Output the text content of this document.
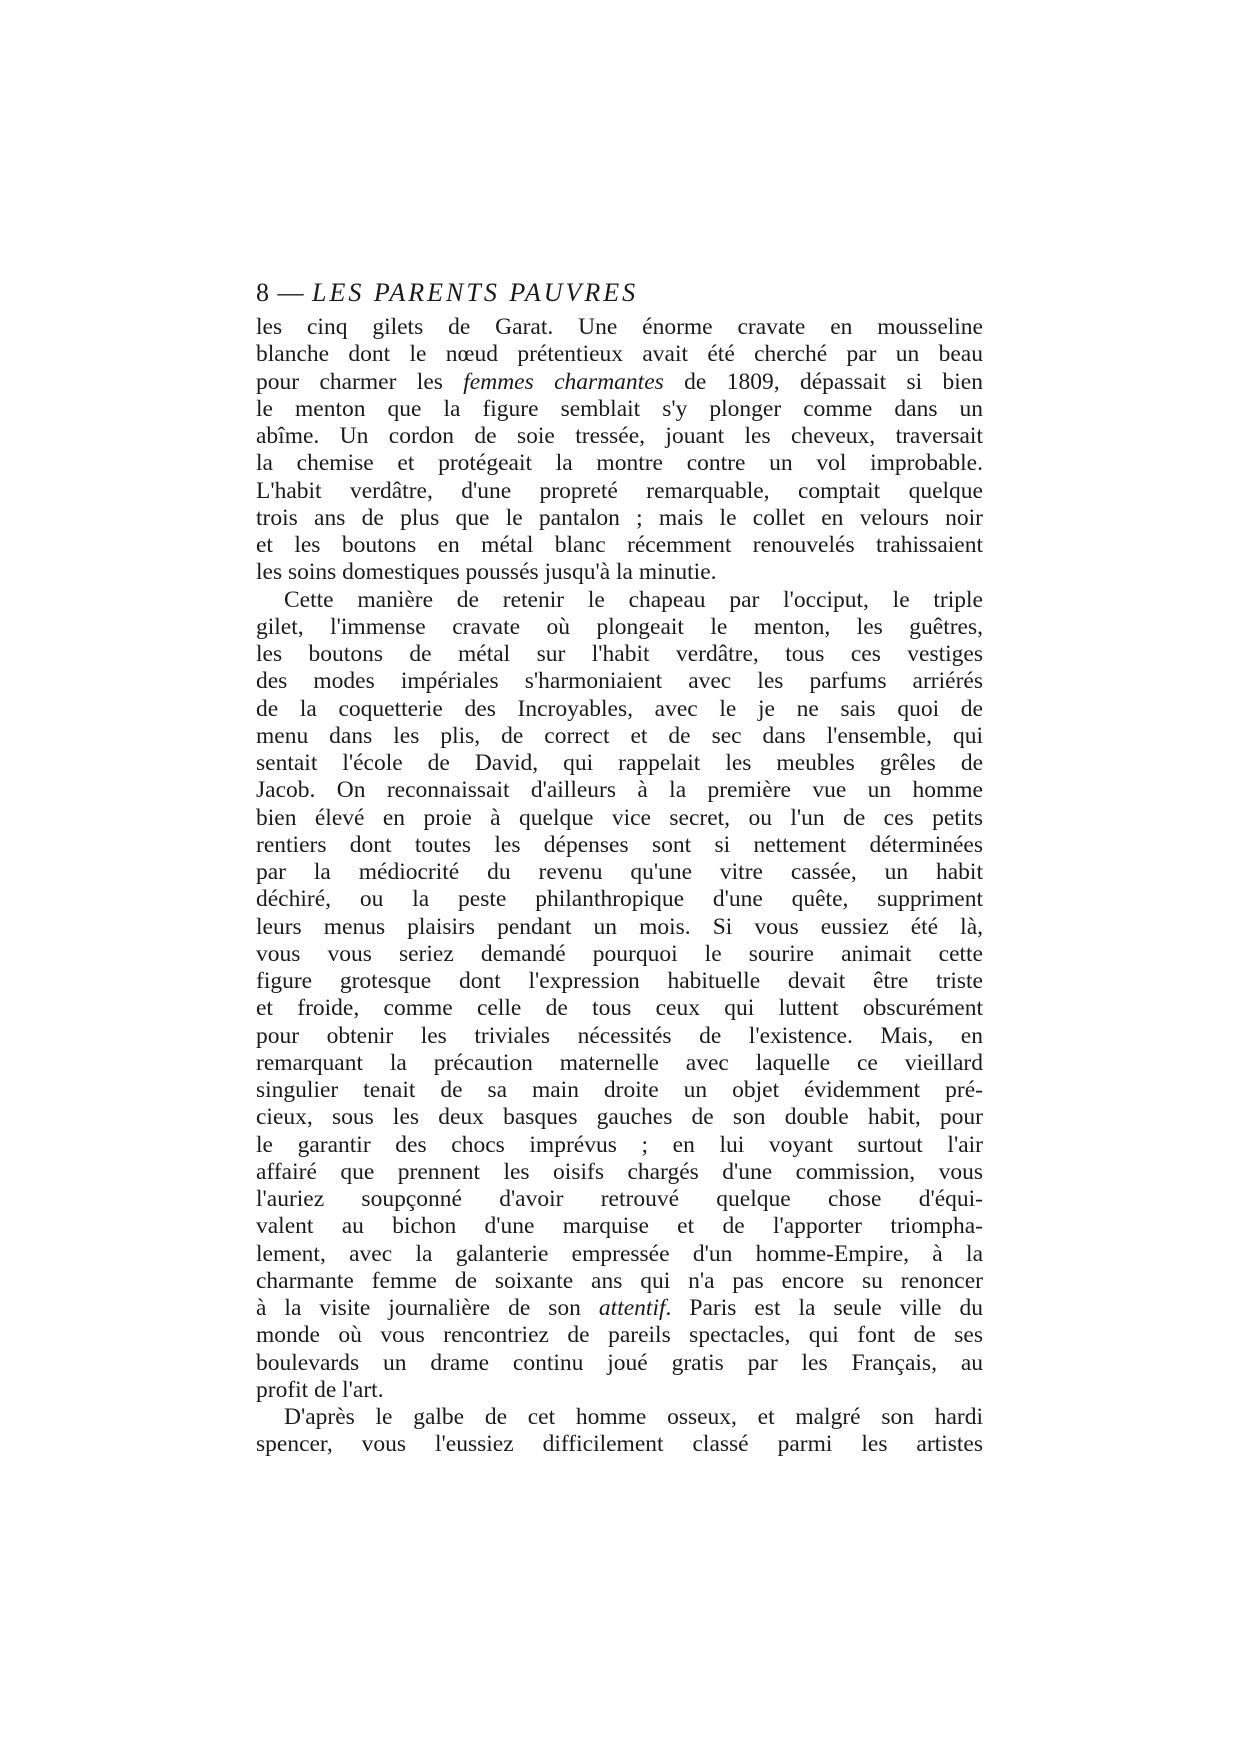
8 — LES PARENTS PAUVRES
les cinq gilets de Garat. Une énorme cravate en mousseline
blanche dont le nœud prétentieux avait été cherché par un beau
pour charmer les femmes charmantes de 1809, dépassait si bien
le menton que la figure semblait s'y plonger comme dans un
abîme. Un cordon de soie tressée, jouant les cheveux, traversait
la chemise et protégeait la montre contre un vol improbable.
L'habit verdâtre, d'une propreté remarquable, comptait quelque
trois ans de plus que le pantalon ; mais le collet en velours noir
et les boutons en métal blanc récemment renouvelés trahissaient
les soins domestiques poussés jusqu'à la minutie.
Cette manière de retenir le chapeau par l'occiput, le triple
gilet, l'immense cravate où plongeait le menton, les guêtres,
les boutons de métal sur l'habit verdâtre, tous ces vestiges
des modes impériales s'harmoniaient avec les parfums arriérés
de la coquetterie des Incroyables, avec le je ne sais quoi de
menu dans les plis, de correct et de sec dans l'ensemble, qui
sentait l'école de David, qui rappelait les meubles grêles de
Jacob. On reconnaissait d'ailleurs à la première vue un homme
bien élevé en proie à quelque vice secret, ou l'un de ces petits
rentiers dont toutes les dépenses sont si nettement déterminées
par la médiocrité du revenu qu'une vitre cassée, un habit
déchiré, ou la peste philanthropique d'une quête, suppriment
leurs menus plaisirs pendant un mois. Si vous eussiez été là,
vous vous seriez demandé pourquoi le sourire animait cette
figure grotesque dont l'expression habituelle devait être triste
et froide, comme celle de tous ceux qui luttent obscurément
pour obtenir les triviales nécessités de l'existence. Mais, en
remarquant la précaution maternelle avec laquelle ce vieillard
singulier tenait de sa main droite un objet évidemment pré-
cieux, sous les deux basques gauches de son double habit, pour
le garantir des chocs imprévus ; en lui voyant surtout l'air
affairé que prennent les oisifs chargés d'une commission, vous
l'auriez soupçonné d'avoir retrouvé quelque chose d'équi-
valent au bichon d'une marquise et de l'apporter triompha-
lement, avec la galanterie empressée d'un homme-Empire, à la
charmante femme de soixante ans qui n'a pas encore su renoncer
à la visite journalière de son attentif. Paris est la seule ville du
monde où vous rencontriez de pareils spectacles, qui font de ses
boulevards un drame continu joué gratis par les Français, au
profit de l'art.
D'après le galbe de cet homme osseux, et malgré son hardi
spencer, vous l'eussiez difficilement classé parmi les artistes
